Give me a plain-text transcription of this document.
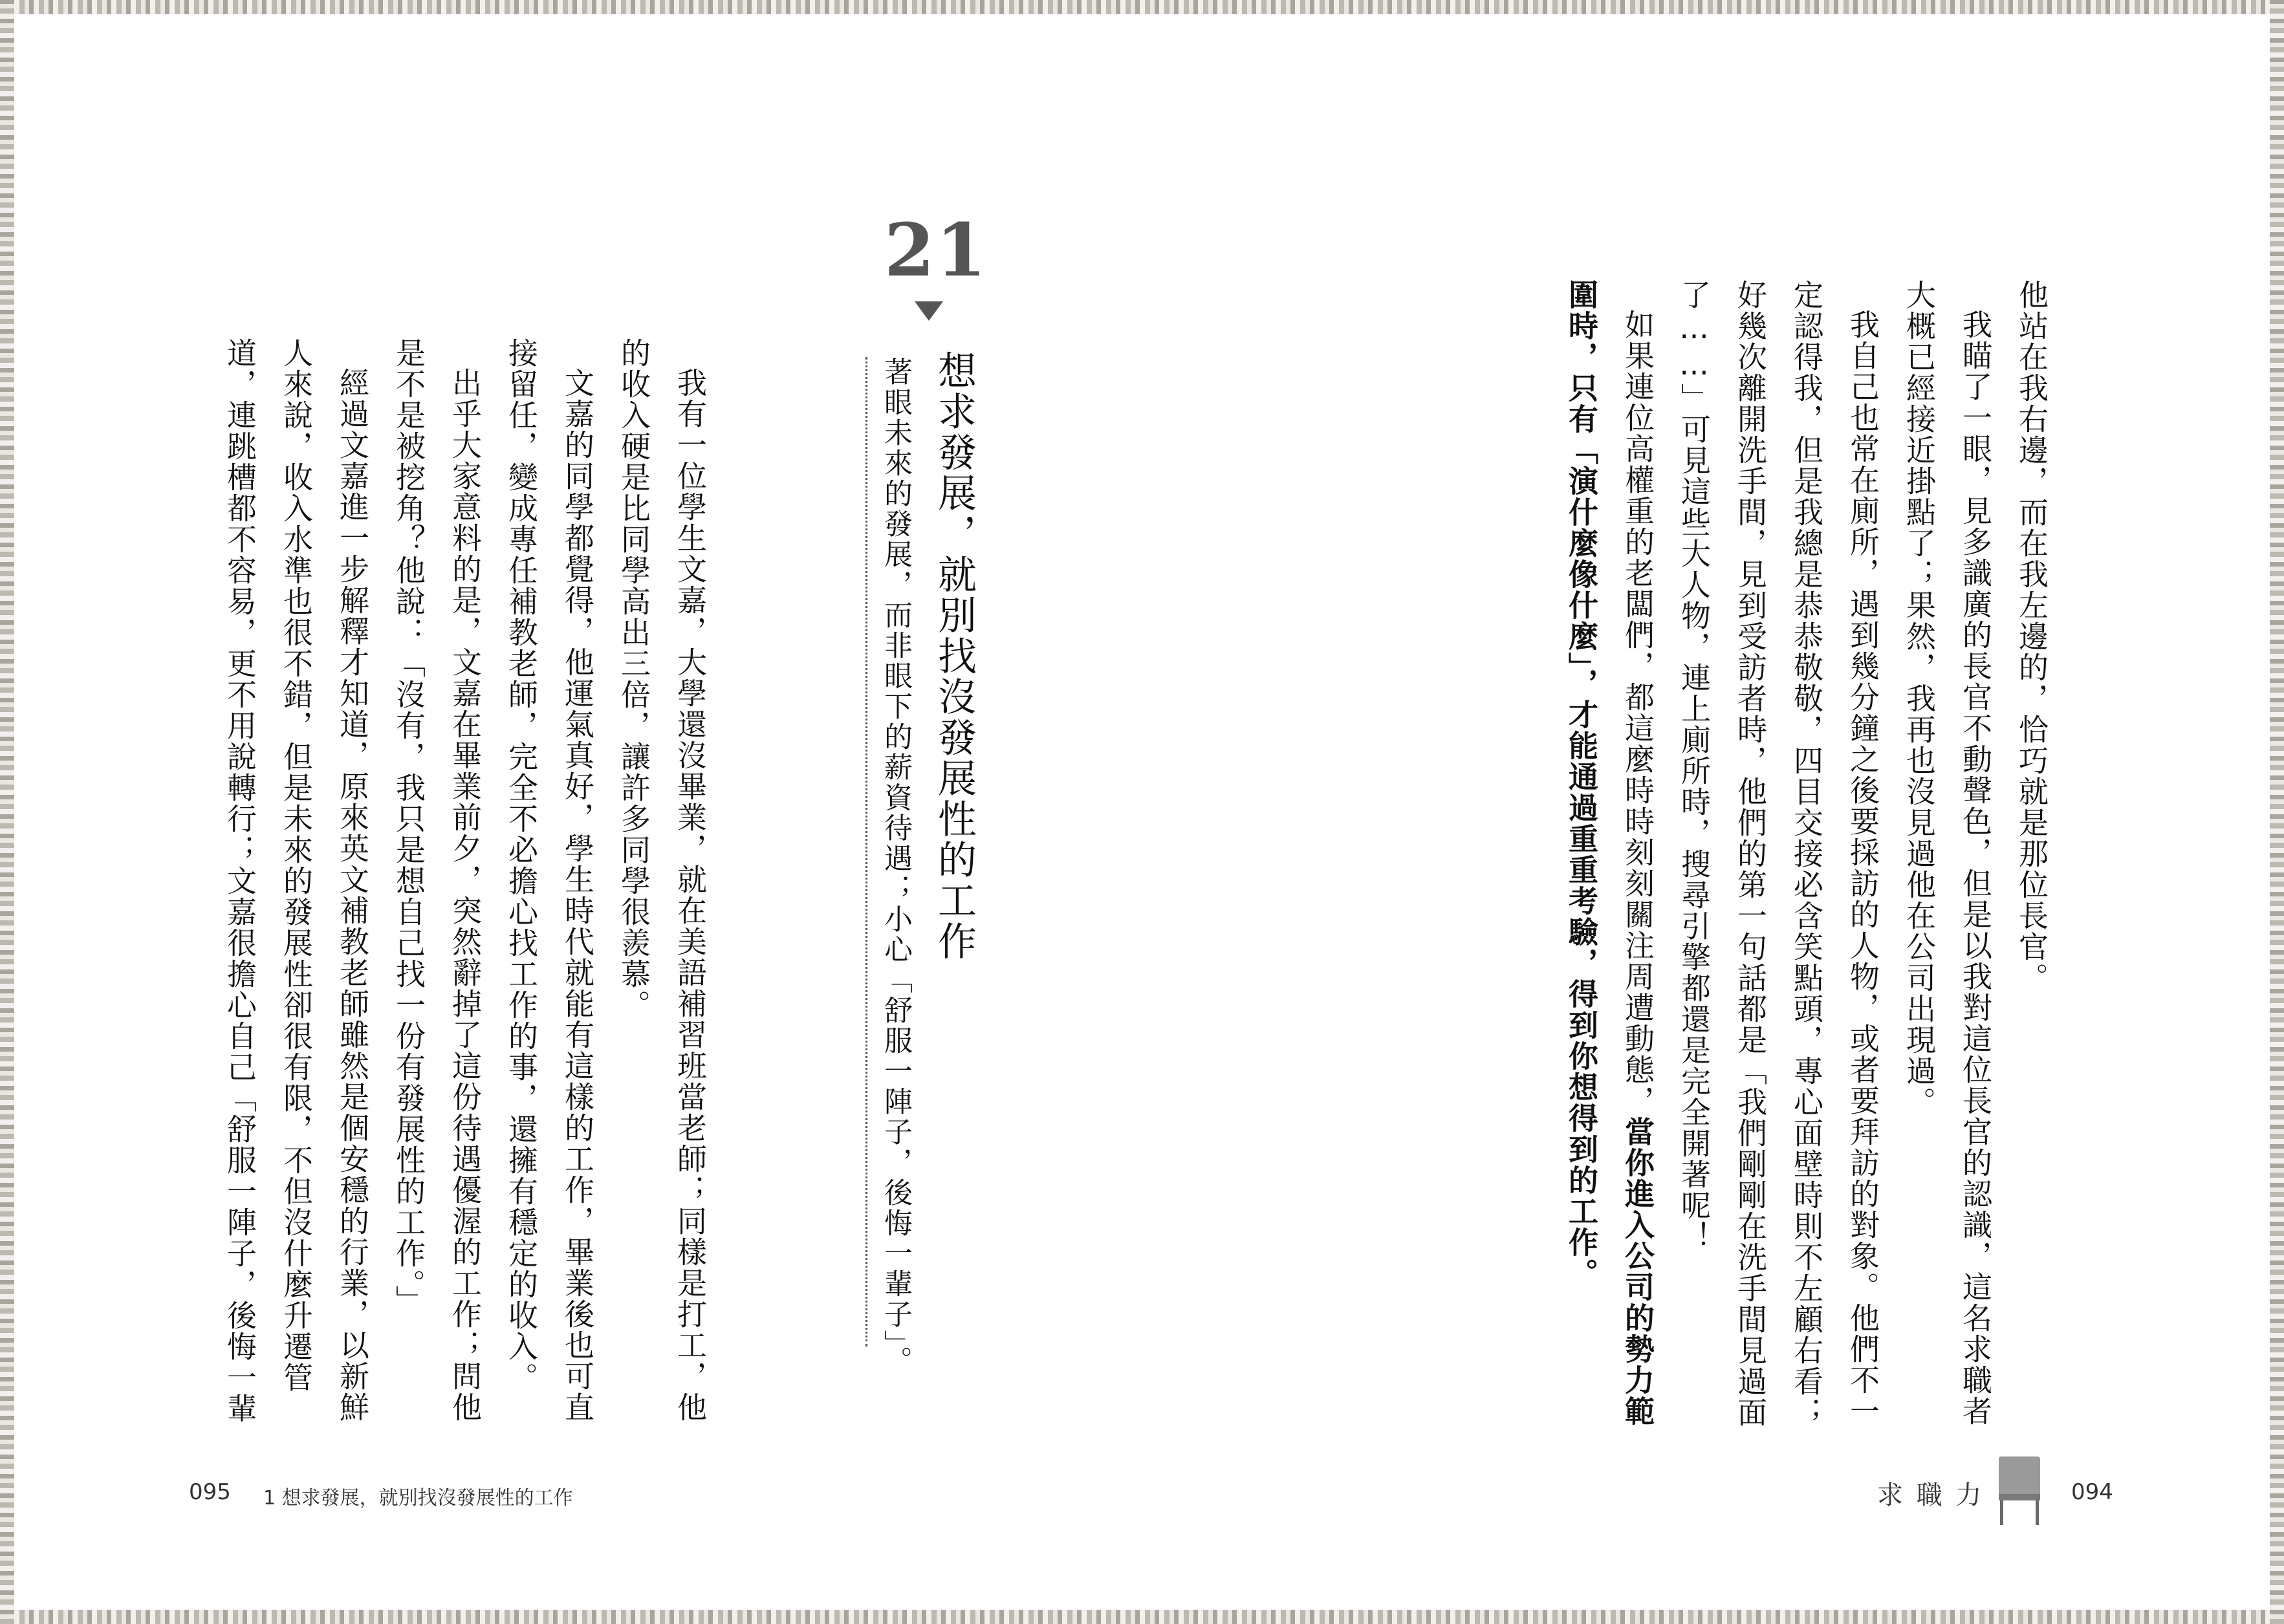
他站在我右邊，而在我左邊的，恰巧就是那位長官。

我瞄了一眼，見多識廣的長官不動聲色，但是以我對這位長官的認識，這名求職者大概已經接近掛點了；果然，我再也沒見過他在公司出現過。

我自己也常在廁所，遇到幾分鐘之後要採訪的人物，或者要拜訪的對象。他們不一定認得我，但是我總是恭恭敬敬，四目交接必含笑點頭，專心面壁時則不左顧右看；好幾次離開洗手間，見到受訪者時，他們的第一句話都是「我們剛剛在洗手間見過面了……」可見這些大人物，連上廁所時，搜尋引擎都還是完全開著呢！

如果連位高權重的老闆們，都這麼時時刻刻關注周遭動態，當你進入公司的勢力範圍時，只有「演什麼像什麼」，才能通過重重考驗，得到你想得到的工作。

21
想求發展，就別找沒發展性的工作
著眼未來的發展，而非眼下的薪資待遇；小心「舒服一陣子，後悔一輩子」。

我有一位學生文嘉，大學還沒畢業，就在美語補習班當老師；同樣是打工，他的收入硬是比同學高出三倍，讓許多同學很羨慕。

文嘉的同學都覺得，他運氣真好，學生時代就能有這樣的工作，畢業後也可直接留任，變成專任補教老師，完全不必擔心找工作的事，還擁有穩定的收入。

出乎大家意料的是，文嘉在畢業前夕，突然辭掉了這份待遇優渥的工作；問他是不是被挖角？他說：「沒有，我只是想自己找一份有發展性的工作。」

經過文嘉進一步解釋才知道，原來英文補教老師雖然是個安穩的行業，以新鮮人來說，收入水準也很不錯，但是未來的發展性卻很有限，不但沒什麼升遷管道，連跳槽都不容易，更不用說轉行；文嘉很擔心自己「舒服一陣子，後悔一輩

095 1 想求發展，就別找沒發展性的工作	求 職 力	094
